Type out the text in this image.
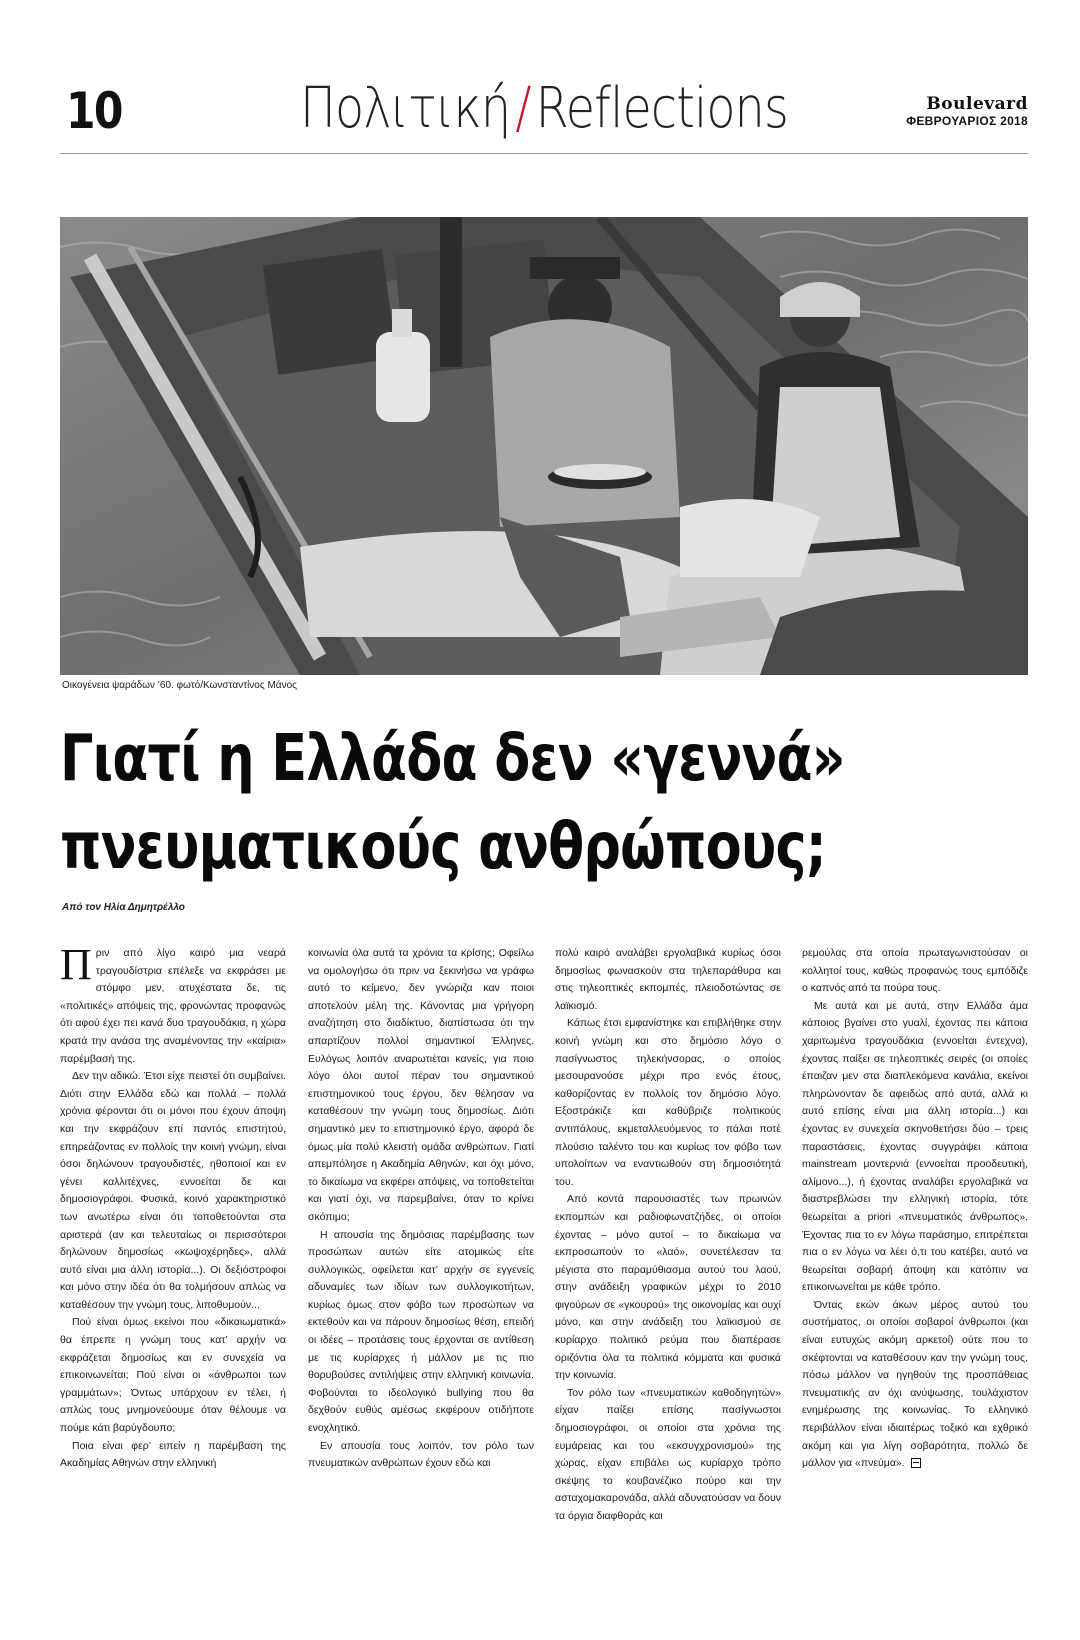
10	Πολιτική/Reflections	Boulevard
ΦΕΒΡΟΥΑΡΙΟΣ 2018
Οικογένεια ψαράδων ’60. φωτό/Κωνσταντίνος Μάνος
Γιατί η Ελλάδα δεν «γεννά»
πνευματικούς ανθρώπους;
Από τον Ηλία Δημητρέλλο

Πριν από λίγο καιρό μια νεαρά τραγουδίστρια επέλεξε να εκφράσει με στόμφο μεν, ατυχέστατα δε, τις «πολιτικές» απόψεις της, φρονώντας προφανώς ότι αφού έχει πει κανά δυο τραγουδάκια, η χώρα κρατά την ανάσα της αναμένοντας την «καίρια» παρέμβασή της.

Δεν την αδικώ. Έτσι είχε πειστεί ότι συμβαίνει. Διότι στην Ελλάδα εδώ και πολλά – πολλά χρόνια φέρονται ότι οι μόνοι που έχουν άποψη και την εκφράζουν επί παντός επιστητού, επηρεάζοντας εν πολλοίς την κοινή γνώμη, είναι όσοι δηλώνουν τραγουδιστές, ηθοποιοί και εν γένει καλλιτέχνες, εννοείται δε και δημοσιογράφοι. Φυσικά, κοινό χαρακτηριστικό των ανωτέρω είναι ότι τοποθετούνται στα αριστερά (αν και τελευταίως οι περισσότεροι δηλώνουν δημοσίως «κωψοχέρηδες», αλλά αυτό είναι μια άλλη ιστορία...). Οι δεξιόστροφοι και μόνο στην ιδέα ότι θα τολμήσουν απλώς να καταθέσουν την γνώμη τους, λιποθυμούν...

Πού είναι όμως εκείνοι που «δικαιωματικά» θα έπρεπε η γνώμη τους κατ’ αρχήν να εκφράζεται δημοσίως και εν συνεχεία να επικοινωνείται; Πού είναι οι «άνθρωποι των γραμμάτων»; Όντως υπάρχουν εν τέλει, ή απλώς τους μνημονεύουμε όταν θέλουμε να πούμε κάτι βαρύγδουπο;

Ποια είναι φερ’ ειπείν η παρέμβαση της Ακαδημίας Αθηνών στην ελληνική

κοινωνία όλα αυτά τα χρόνια τα κρίσης; Οφείλω να ομολογήσω ότι πριν να ξεκινήσω να γράφω αυτό το κείμενο, δεν γνώριζα καν ποιοι αποτελούν μέλη της. Κάνοντας μια γρήγορη αναζήτηση στο διαδίκτυο, διαπίστωσα ότι την απαρτίζουν πολλοί σημαντικοί Έλληνες. Ευλόγως λοιπόν αναρωτιέται κανείς, για ποιο λόγο όλοι αυτοί πέραν του σημαντικού επιστημονικού τους έργου, δεν θέλησαν να καταθέσουν την γνώμη τους δημοσίως. Διότι σημαντικό μεν το επιστημονικό έργο, αφορά δε όμως μία πολύ κλειστή ομάδα ανθρώπων. Γιατί απεμπόλησε η Ακαδημία Αθηνών, και όχι μόνο, το δικαίωμα να εκφέρει απόψεις, να τοποθετείται και γιατί όχι, να παρεμβαίνει, όταν το κρίνει σκόπιμο;

Η απουσία της δημόσιας παρέμβασης των προσώπων αυτών είτε ατομικώς είτε συλλογικώς, οφείλεται κατ’ αρχήν σε εγγενείς αδυναμίες των ιδίων των συλλογικοτήτων, κυρίως όμως στον φόβο των προσώπων να εκτεθούν και να πάρουν δημοσίως θέση, επειδή οι ιδέες – προτάσεις τους έρχονται σε αντίθεση με τις κυρίαρχες ή μάλλον με τις πιο θορυβούσες αντιλήψεις στην ελληνική κοινωνία. Φοβούνται το ιδεολογικό bullying που θα δεχθούν ευθύς αμέσως εκφέρουν οτιδήποτε ενοχλητικό.

Εν απουσία τους λοιπόν, τον ρόλο των πνευματικών ανθρώπων έχουν εδώ και

πολύ καιρό αναλάβει εργολαβικά κυρίως όσοι δημοσίως φωνασκούν στα τηλεπαράθυρα και στις τηλεοπτικές εκπομπές, πλειοδοτώντας σε λαϊκισμό.

Κάπως έτσι εμφανίστηκε και επιβλήθηκε στην κοινή γνώμη και στο δημόσιο λόγο ο πασίγνωστος τηλεκήνσορας, ο οποίος μεσουρανούσε μέχρι προ ενός έτους, καθορίζοντας εν πολλοίς τον δημόσιο λόγο. Εξοστράκιζε και καθύβριζε πολιτικούς αντιπάλους, εκμεταλλευόμενος το πάλαι ποτέ πλούσιο ταλέντο του και κυρίως τον φόβο των υπολοίπων να εναντιωθούν στη δημοσιότητά του.

Από κοντά παρουσιαστές των πρωινών εκπομπών και ραδιοφωνατζήδες, οι οποίοι έχοντας – μόνο αυτοί – το δικαίωμα να εκπροσωπούν το «λαό», συνετέλεσαν τα μέγιστα στο παραμύθιασμα αυτού του λαού, στην ανάδειξη γραφικών μέχρι το 2010 φιγούρων σε «γκουρού» της οικονομίας και ουχί μόνο, και στην ανάδειξη του λαϊκισμού σε κυρίαρχο πολιτικό ρεύμα που διαπέρασε οριζόντια όλα τα πολιτικά κόμματα και φυσικά την κοινωνία.

Τον ρόλο των «πνευματικών καθοδηγητών» είχαν παίξει επίσης πασίγνωστοι δημοσιογράφοι, οι οποίοι στα χρόνια της ευμάρειας και του «εκσυγχρονισμού» της χώρας, είχαν επιβάλει ως κυρίαρχο τρόπο σκέψης το κουβανέζικο πούρο και την ασταχομακαρονάδα, αλλά αδυνατούσαν να δουν τα όργια διαφθοράς και

ρεμούλας στα οποία πρωταγωνιστούσαν οι κολλητοί τους, καθώς προφανώς τους εμπόδιζε ο καπνός από τα πούρα τους.

Με αυτά και με αυτά, στην Ελλάδα άμα κάποιος βγαίνει στο γυαλί, έχοντας πει κάποια χαριτωμένα τραγουδάκια (εννοείται έντεχνα), έχοντας παίξει σε τηλεοπτικές σειρές (οι οποίες έπαιζαν μεν στα διαπλεκόμενα κανάλια, εκείνοι πληρώνονταν δε αφειδώς από αυτά, αλλά κι αυτό επίσης είναι μια άλλη ιστορία...) και έχοντας εν συνεχεία σκηνοθετήσει δύο – τρεις παραστάσεις, έχοντας συγγράψει κάποια mainstream μοντερνιά (εννοείται προοδευτική, αλίμονο...), ή έχοντας αναλάβει εργολαβικά να διαστρεβλώσει την ελληνική ιστορία, τότε θεωρείται a priori «πνευματικός άνθρωπος». Έχοντας πια το εν λόγω παράσημο, επιτρέπεται πια ο εν λόγω να λέει ό,τι του κατέβει, αυτό να θεωρείται σοβαρή άποψη και κατόπιν να επικοινωνείται με κάθε τρόπο.

Όντας εκών άκων μέρος αυτού του συστήματος, οι οποίοι σοβαροί άνθρωποι (και είναι ευτυχώς ακόμη αρκετοί) ούτε που το σκέφτονται να καταθέσουν καν την γνώμη τους, πόσω μάλλον να ηγηθούν της προσπάθειας πνευματικής αν όχι ανύψωσης, τουλάχιστον ενημέρωσης της κοινωνίας. Το ελληνικό περιβάλλον είναι ιδιαιτέρως τοξικό και εχθρικό ακόμη και για λίγη σοβαρότητα, πολλώ δε μάλλον για «πνεύμα».
